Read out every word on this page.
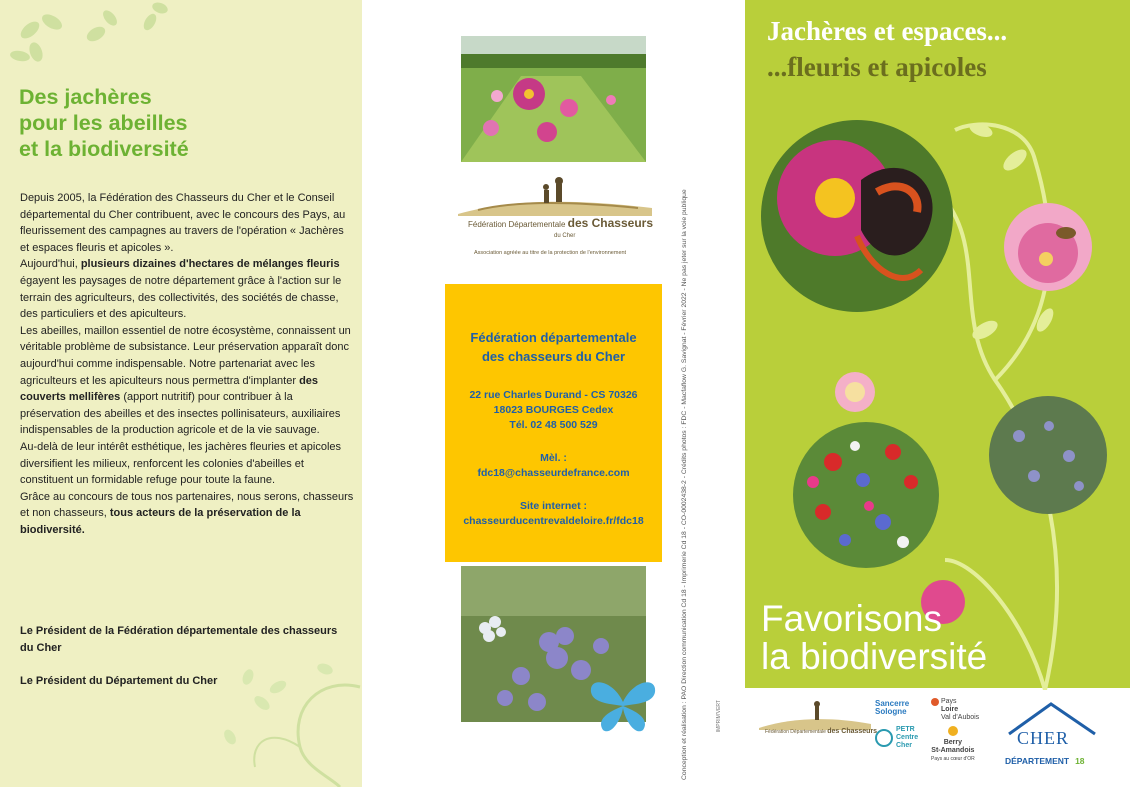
Des jachères
pour les abeilles
et la biodiversité

Depuis 2005, la Fédération des Chasseurs du Cher et le Conseil départemental du Cher contribuent, avec le concours des Pays, au fleurissement des campagnes au travers de l'opération « Jachères et espaces fleuris et apicoles ».

Aujourd'hui, plusieurs dizaines d'hectares de mélanges fleuris égayent les paysages de notre département grâce à l'action sur le terrain des agriculteurs, des collectivités, des sociétés de chasse, des particuliers et des apiculteurs.

Les abeilles, maillon essentiel de notre écosystème, connaissent un véritable problème de subsistance. Leur préservation apparaît donc aujourd'hui comme indispensable. Notre partenariat avec les agriculteurs et les apiculteurs nous permettra d'implanter des couverts mellifères (apport nutritif) pour contribuer à la préservation des abeilles et des insectes pollinisateurs, auxiliaires indispensables de la production agricole et de la vie sauvage.

Au-delà de leur intérêt esthétique, les jachères fleuries et apicoles diversifient les milieux, renforcent les colonies d'abeilles et constituent un formidable refuge pour toute la faune.

Grâce au concours de tous nos partenaires, nous serons, chasseurs et non chasseurs, tous acteurs de la préservation de la biodiversité.

Le Président de la Fédération départementale des chasseurs du Cher
Le Président du Département du Cher
Fédération Départementale des Chasseurs
du Cher
Association agréée au titre de la protection de l'environnement
Fédération départementale
des chasseurs du Cher
22 rue Charles Durand - CS 70326
18023 BOURGES Cedex
Tél. 02 48 500 529
Mèl. :
fdc18@chasseurdefrance.com
Site internet :
chasseurducentrevaldeloire.fr/fdc18	Conception et réalisation : PAO Direction communication Cd 18 - Imprimerie Cd 18 - CO-0002438-2 - Crédits photos : FDC - Macfaflow G. Savignat - Février 2022 - Ne pas jeter sur la voie publique	IMPRIM'VERT
Jachères et espaces...
...fleuris et apicoles
Favorisons
la biodiversité
Fédération Départementale des Chasseurs
Sancerre
Sologne
Pays
Loire
Val d'Aubois
PETR
Centre
Cher	Berry
St-Amandois
Pays au cœur d'OR
CHER
DÉPARTEMENT 18
